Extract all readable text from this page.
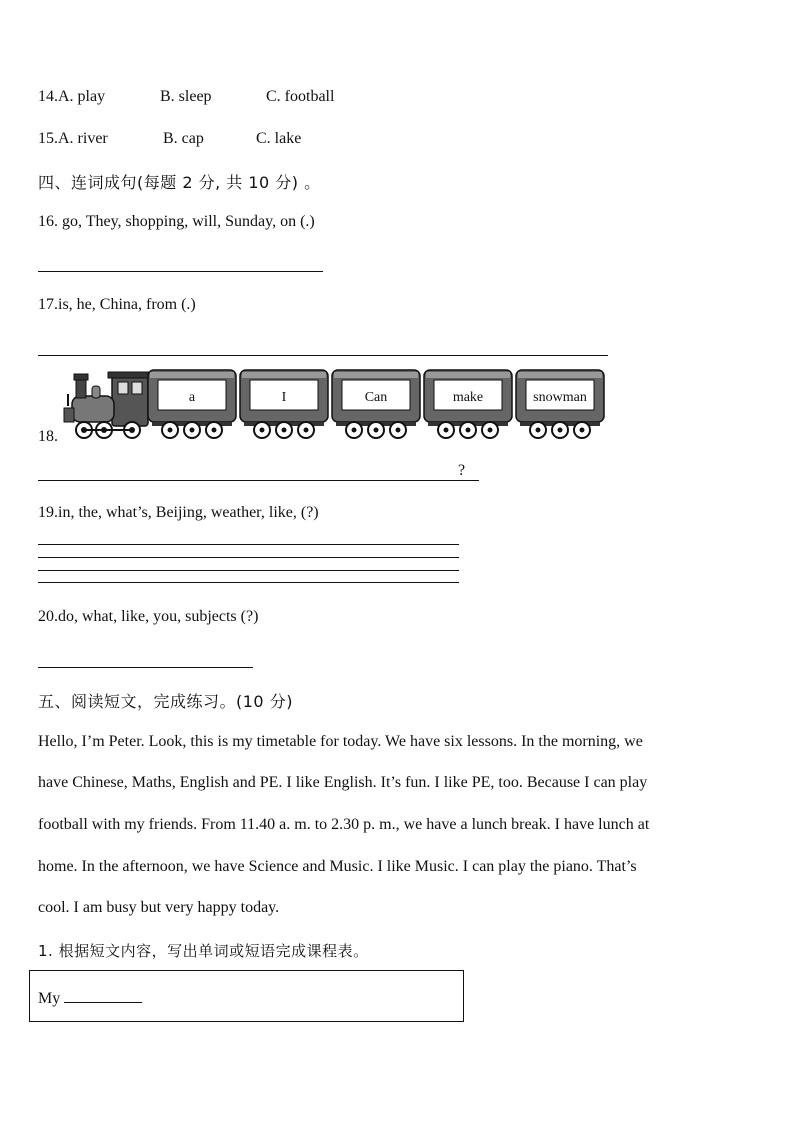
14.A. play	B. sleep	C. football
15.A. river	B. cap	C. lake
四、连词成句(每题 2 分, 共 10 分) 。
16. go, They, shopping, will, Sunday, on (.)
17.is, he, China, from (.)
18.
a	I	Can	make	snowman
?
19.in, the, what’s, Beijing, weather, like, (?)
20.do, what, like, you, subjects (?)
五、阅读短文，完成练习。(10 分)
Hello, I’m Peter. Look, this is my timetable for today. We have six lessons. In the morning, we
have Chinese, Maths, English and PE. I like English. It’s fun. I like PE, too. Because I can play
football with my friends. From 11.40 a. m. to 2.30 p. m., we have a lunch break. I have lunch at
home. In the afternoon, we have Science and Music. I like Music. I can play the piano. That’s
cool. I am busy but very happy today.
1. 根据短文内容，写出单词或短语完成课程表。
My
